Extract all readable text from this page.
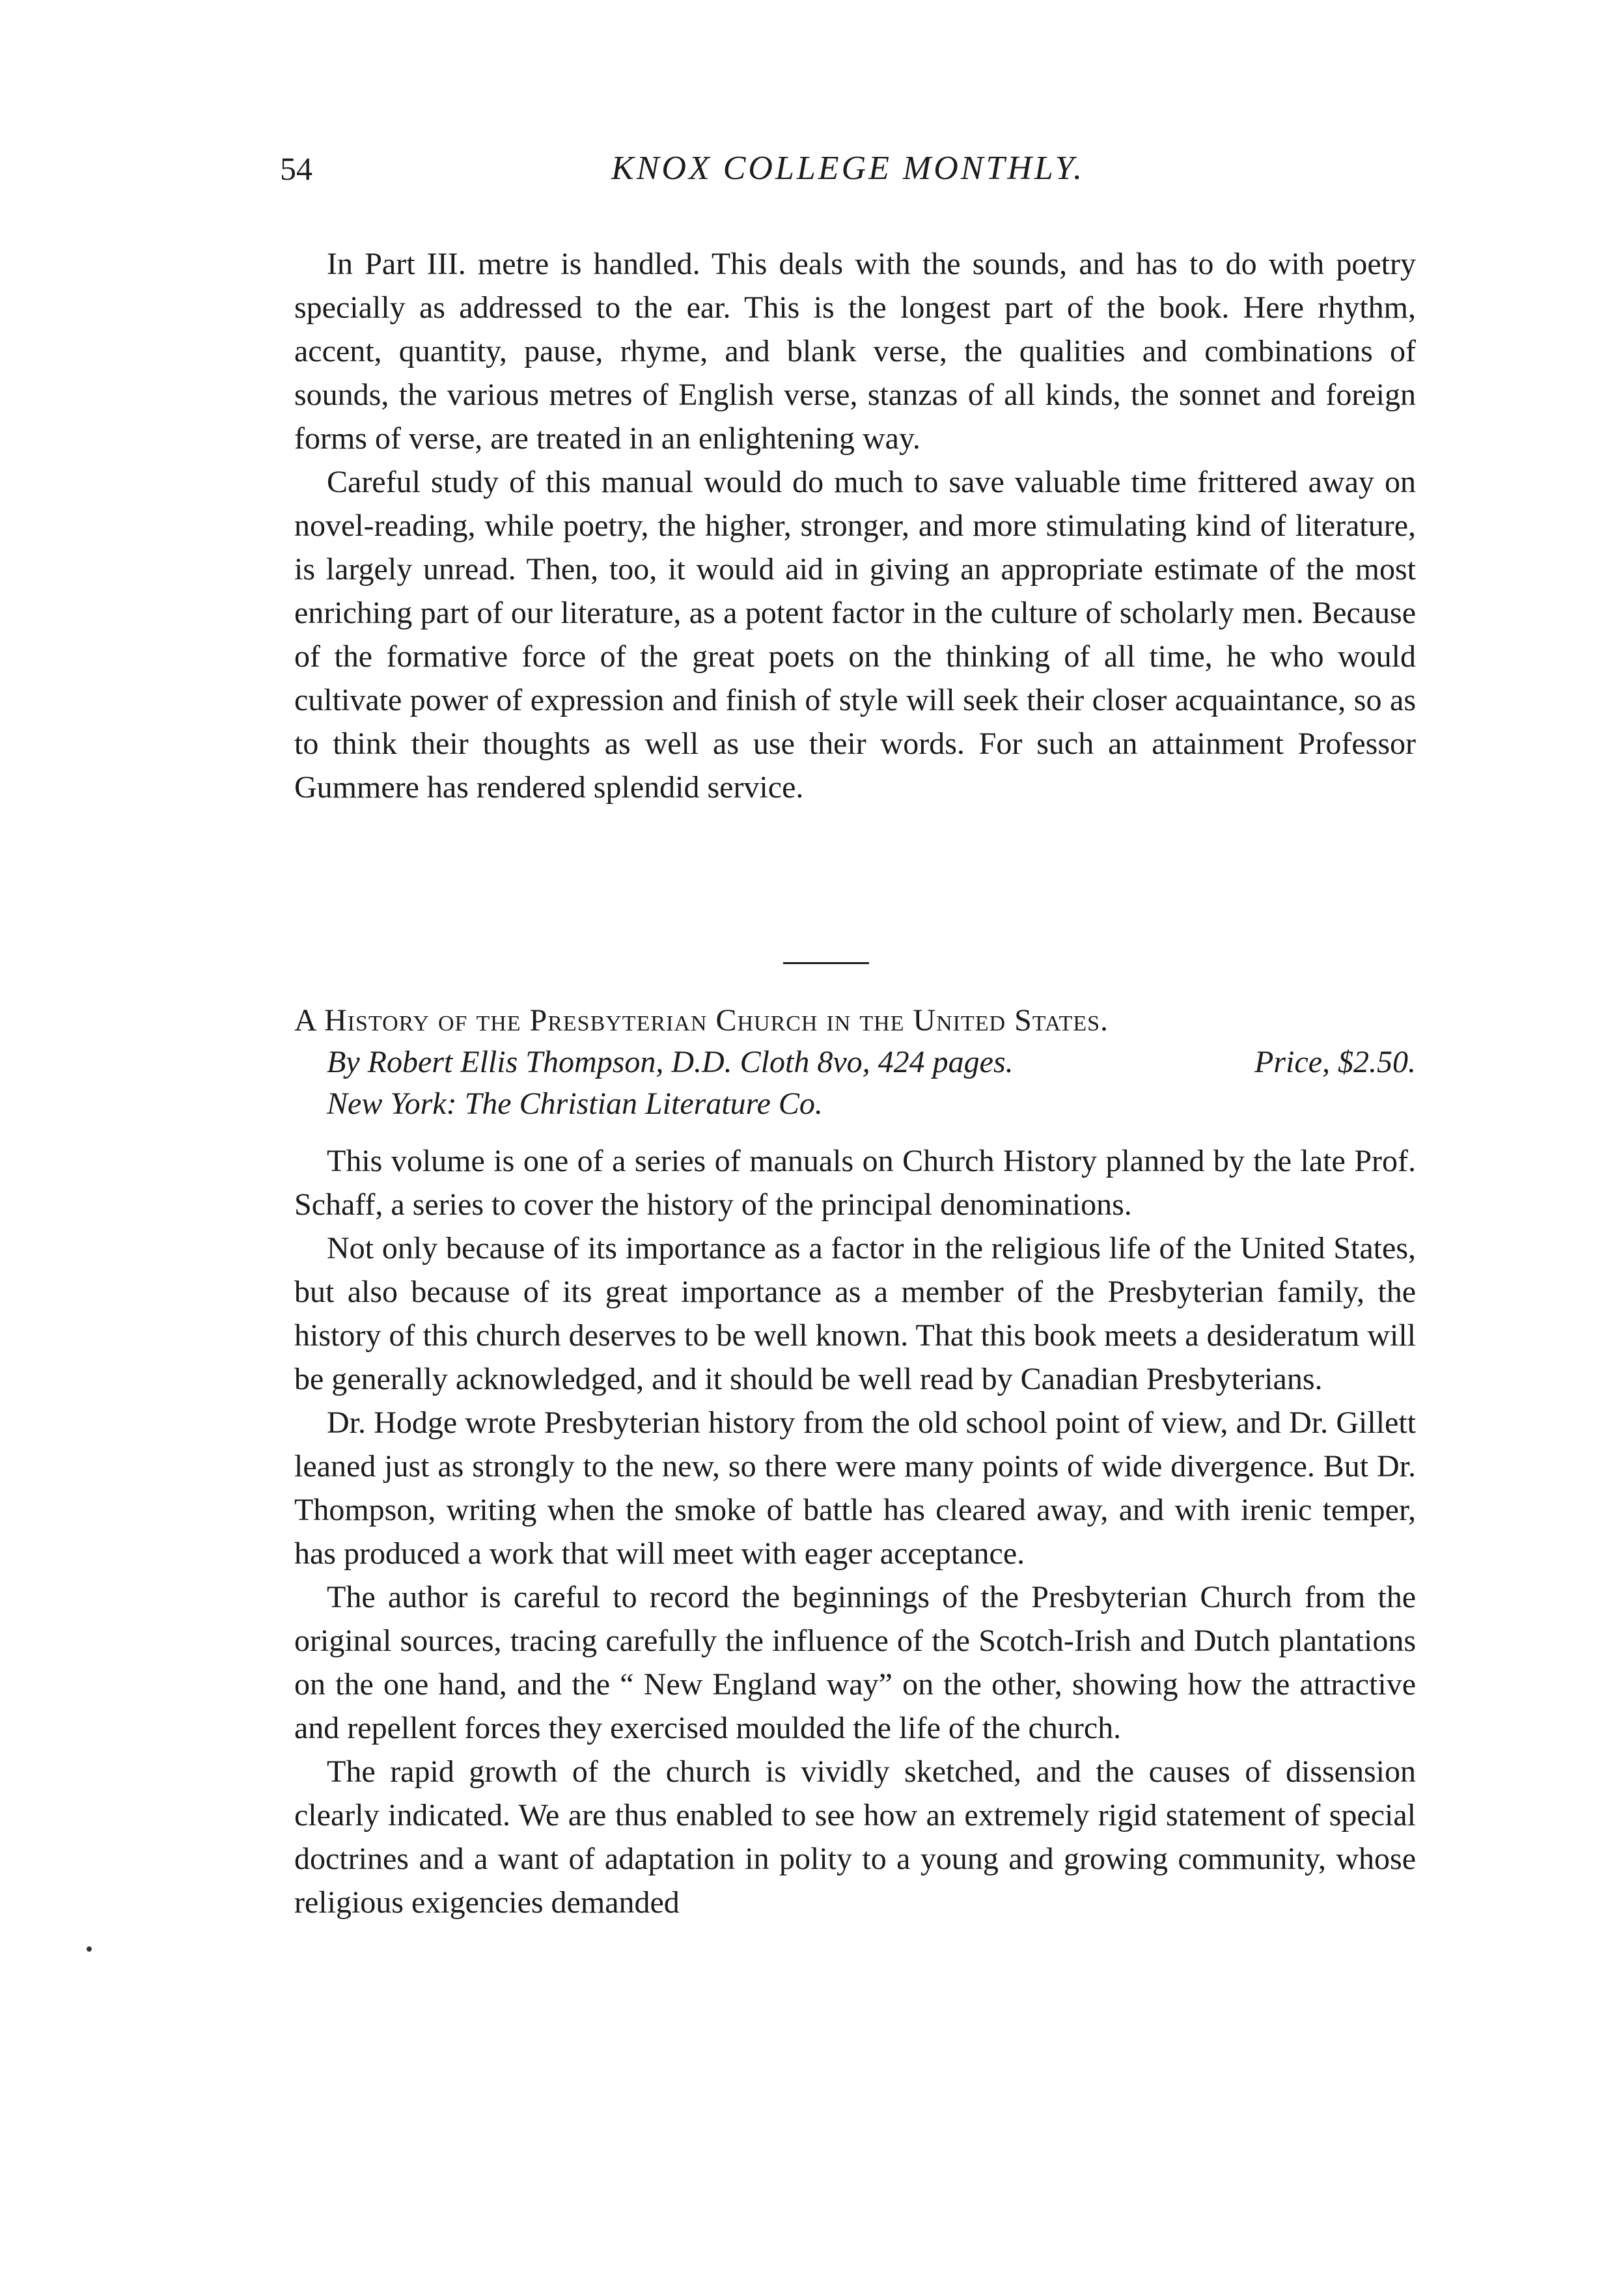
54	KNOX COLLEGE MONTHLY.

In Part III. metre is handled. This deals with the sounds, and has to do with poetry specially as addressed to the ear. This is the longest part of the book. Here rhythm, accent, quantity, pause, rhyme, and blank verse, the qualities and combinations of sounds, the various metres of English verse, stanzas of all kinds, the sonnet and foreign forms of verse, are treated in an enlightening way.

Careful study of this manual would do much to save valuable time frittered away on novel-reading, while poetry, the higher, stronger, and more stimulating kind of literature, is largely unread. Then, too, it would aid in giving an appropriate estimate of the most enriching part of our literature, as a potent factor in the culture of scholarly men. Because of the formative force of the great poets on the thinking of all time, he who would cultivate power of expression and finish of style will seek their closer acquaintance, so as to think their thoughts as well as use their words. For such an attainment Professor Gummere has rendered splendid service.

A History of the Presbyterian Church in the United States.
By Robert Ellis Thompson, D.D. Cloth 8vo, 424 pages.	Price, $2.50.
New York: The Christian Literature Co.

This volume is one of a series of manuals on Church History planned by the late Prof. Schaff, a series to cover the history of the principal denominations.

Not only because of its importance as a factor in the religious life of the United States, but also because of its great importance as a member of the Presbyterian family, the history of this church deserves to be well known. That this book meets a desideratum will be generally acknowledged, and it should be well read by Canadian Presbyterians.

Dr. Hodge wrote Presbyterian history from the old school point of view, and Dr. Gillett leaned just as strongly to the new, so there were many points of wide divergence. But Dr. Thompson, writing when the smoke of battle has cleared away, and with irenic temper, has produced a work that will meet with eager acceptance.

The author is careful to record the beginnings of the Presbyterian Church from the original sources, tracing carefully the influence of the Scotch-Irish and Dutch plantations on the one hand, and the “ New England way” on the other, showing how the attractive and repellent forces they exercised moulded the life of the church.

The rapid growth of the church is vividly sketched, and the causes of dissension clearly indicated. We are thus enabled to see how an extremely rigid statement of special doctrines and a want of adaptation in polity to a young and growing community, whose religious exigencies demanded
